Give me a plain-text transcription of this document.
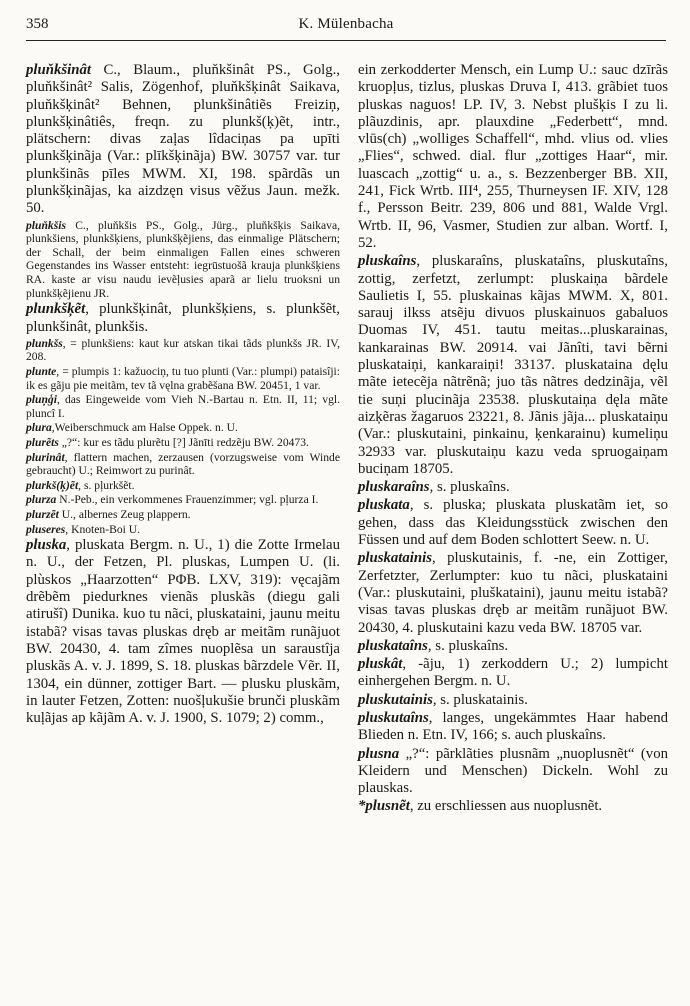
358	K. Mülenbacha

pluňkšinât C., Blaum., pluňkšinât PS., Golg., pluňkšinât² Salis, Zögenhof, pluňkšķinât Saikava, pluňkšķinât² Behnen, plunkšinâtiẽs Freiziņ, plunkšķinâtiês, freqn. zu plunkš(ķ)ẽt, intr., plätschern: divas zaļas lîdaciņas pa upīti plunkšķinãja (Var.: plīkšķinãja) BW. 30757 var. tur plunkšinãs pīles MWM. XI, 198. spãrdãs un plunkšķinãjas, ka aizdzęn visus vẽžus Jaun. mežk. 50.

pluňkšis C., pluňkšis PS., Golg., Jürg., pluňkšķis Saikava, plunkšiens, plunkšķiens, plunkšķẽjiens, das einmalige Plätschern; der Schall, der beim einmaligen Fallen eines schweren Gegenstandes ins Wasser entsteht: iegrūstuošã krauja plunkšķiens RA. kaste ar visu naudu ievẽļusies aparã ar lielu truoksni un plunkšķẽjienu JR.

plunkšķẽt, plunkšķinât, plunkšķiens, s. plunkšẽt, plunkšinât, plunkšis.

plunkšs, = plunkšiens: kaut kur atskan tikai tãds plunkšs JR. IV, 208.

plunte, = plumpis 1: kažuociņ, tu tuo plunti (Var.: plumpi) pataisîji: ik es gãju pie meitãm, tev tã vęlna grabẽšana BW. 20451, 1 var.

pluņģi, das Eingeweide vom Vieh N.-Bartau n. Etn. II, 11; vgl. pluncî I.

plura,Weiberschmuck am Halse Oppek. n. U.

plurẽts „?“: kur es tãdu plurẽtu [?] Jãnīti redzẽju BW. 20473.

plurinât, flattern machen, zerzausen (vorzugsweise vom Winde gebraucht) U.; Reimwort zu purinât.

plurkš(ķ)ẽt, s. pļurkšẽt.

plurza N.-Peb., ein verkommenes Frauenzimmer; vgl. pļurza I.

plurzẽt U., albernes Zeug plappern.

pluseres, Knoten-Boi U.

pluska, pluskata Bergm. n. U., 1) die Zotte Irmelau n. U., der Fetzen, Pl. pluskas, Lumpen U. (li. plùskos „Haarzotten“ PΦB. LXV, 319): vęcajãm drẽbẽm piedurknes vienãs pluskãs (diegu gali atirušî) Dunika. kuo tu nãci, pluskataini, jaunu meitu istabã? visas tavas pluskas dręb ar meitãm runãjuot BW. 20430, 4. tam zîmes nuoplẽsa un saraustîja pluskãs A. v. J. 1899, S. 18. pluskas bãrzdele Vẽr. II, 1304, ein dünner, zottiger Bart. — plusku pluskãm, in lauter Fetzen, Zotten: nuošļukušie brunči pluskãm kuļãjas ap kãjãm A. v. J. 1900, S. 1079; 2) comm.,

ein zerkodderter Mensch, ein Lump U.: sauc dzīrãs kruopļus, tizlus, pluskas Druva I, 413. grãbiet tuos pluskas naguos! LP. IV, 3. Nebst plušķis I zu li. plãuzdinis, apr. plauxdine „Federbett“, mnd. vlūs(ch) „wolliges Schaffell“, mhd. vlius od. vlies „Flies“, schwed. dial. flur „zottiges Haar“, mir. luascach „zottig“ u. a., s. Bezzenberger BB. XII, 241, Fick Wrtb. III⁴, 255, Thurneysen IF. XIV, 128 f., Persson Beitr. 239, 806 und 881, Walde Vrgl. Wrtb. II, 96, Vasmer, Studien zur alban. Wortf. I, 52.

pluskaîns, pluskaraîns, pluskataîns, pluskutaîns, zottig, zerfetzt, zerlumpt: pluskaiņa bãrdele Saulietis I, 55. pluskainas kãjas MWM. X, 801. sarauj ilkss atsẽju divuos pluskainuos gabaluos Duomas IV, 451. tautu meitas...pluskarainas, kankarainas BW. 20914. vai Jãnîti, tavi bẽrni pluskataiņi, kankaraiņi! 33137. pluskataina dęlu mãte ietecẽja nãtrẽnã; juo tãs nãtres dedzinãja, vẽl tie suņi plucinãja 23538. pluskutaiņa dęla mãte aizķẽras žagaruos 23221, 8. Jãnis jãja... pluskataiņu (Var.: pluskutaini, pinkainu, ķenkarainu) kumeliņu 32933 var. pluskutaiņu kazu veda spruogaiņam buciņam 18705.

pluskaraîns, s. pluskaîns.

pluskata, s. pluska; pluskata pluskatãm iet, so gehen, dass das Kleidungsstück zwischen den Füssen und auf dem Boden schlottert Seew. n. U.

pluskatainis, pluskutainis, f. -ne, ein Zottiger, Zerfetzter, Zerlumpter: kuo tu nãci, pluskataini (Var.: pluskutaini, pluškataini), jaunu meitu istabã? visas tavas pluskas dręb ar meitãm runãjuot BW. 20430, 4. pluskutaini kazu veda BW. 18705 var.

pluskataîns, s. pluskaîns.

pluskât, -ãju, 1) zerkoddern U.; 2) lumpicht einhergehen Bergm. n. U.

pluskutainis, s. pluskatainis.

pluskutaîns, langes, ungekämmtes Haar habend Blieden n. Etn. IV, 166; s. auch pluskaîns.

plusna „?“: pãrklãties plusnãm „nuoplusnẽt“ (von Kleidern und Menschen) Dickeln. Wohl zu plauskas.

*plusnẽt, zu erschliessen aus nuoplusnẽt.
